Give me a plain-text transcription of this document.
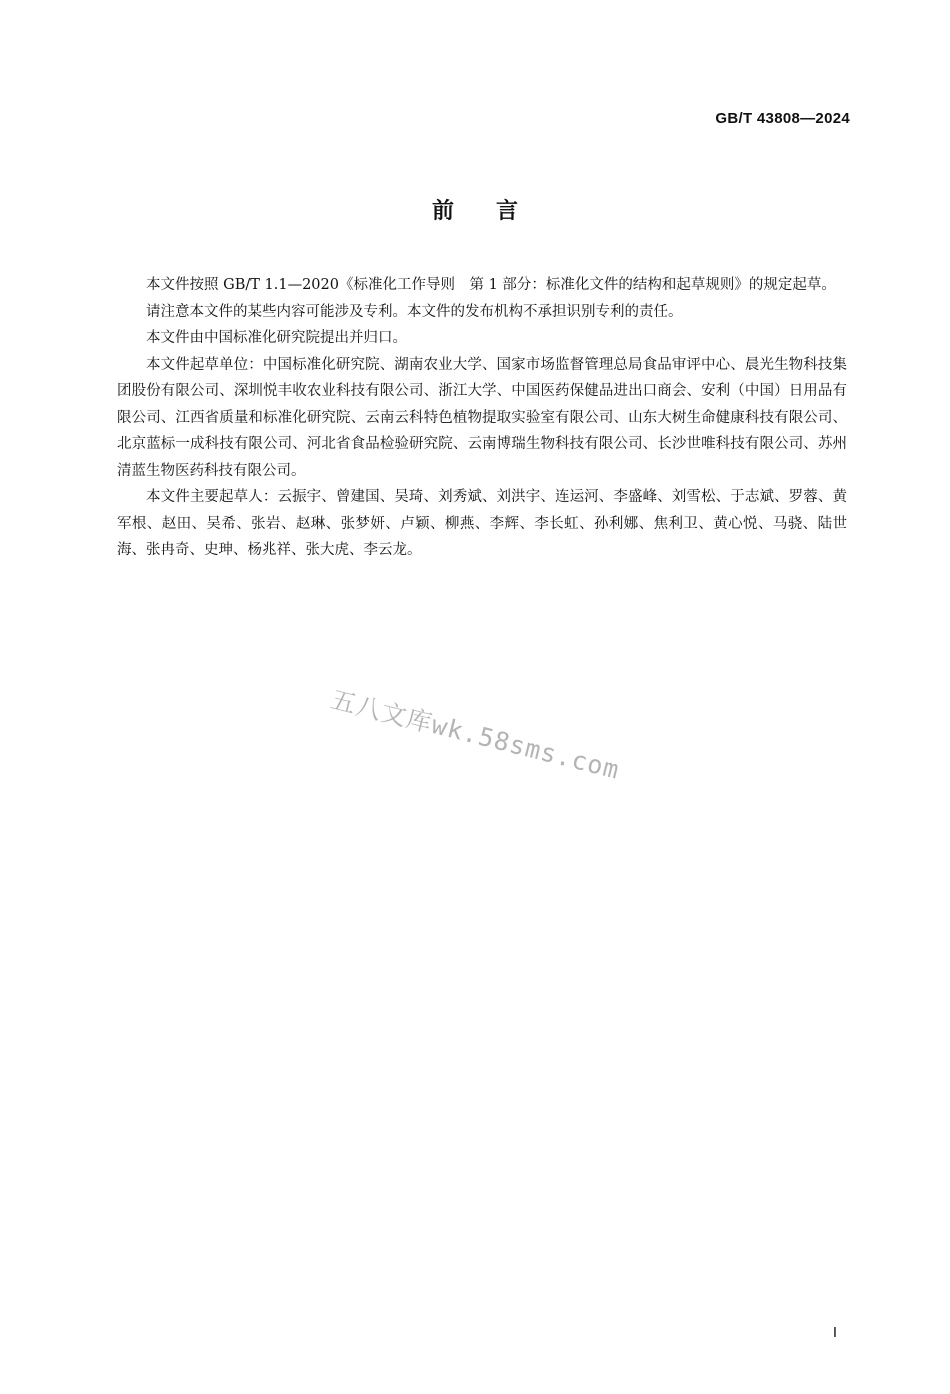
GB/T 43808—2024
前言

本文件按照 GB/T 1.1—2020《标准化工作导则　第 1 部分：标准化文件的结构和起草规则》的规定起草。

请注意本文件的某些内容可能涉及专利。本文件的发布机构不承担识别专利的责任。

本文件由中国标准化研究院提出并归口。

本文件起草单位：中国标准化研究院、湖南农业大学、国家市场监督管理总局食品审评中心、晨光生物科技集团股份有限公司、深圳悦丰收农业科技有限公司、浙江大学、中国医药保健品进出口商会、安利（中国）日用品有限公司、江西省质量和标准化研究院、云南云科特色植物提取实验室有限公司、山东大树生命健康科技有限公司、北京蓝标一成科技有限公司、河北省食品检验研究院、云南博瑞生物科技有限公司、长沙世唯科技有限公司、苏州清蓝生物医药科技有限公司。

本文件主要起草人：云振宇、曾建国、吴琦、刘秀斌、刘洪宇、连运河、李盛峰、刘雪松、于志斌、罗蓉、黄军根、赵田、吴希、张岩、赵琳、张梦妍、卢颖、柳燕、李辉、李长虹、孙利娜、焦利卫、黄心悦、马骁、陆世海、张冉奇、史珅、杨兆祥、张大虎、李云龙。

五八文库wk.58sms.com
I
